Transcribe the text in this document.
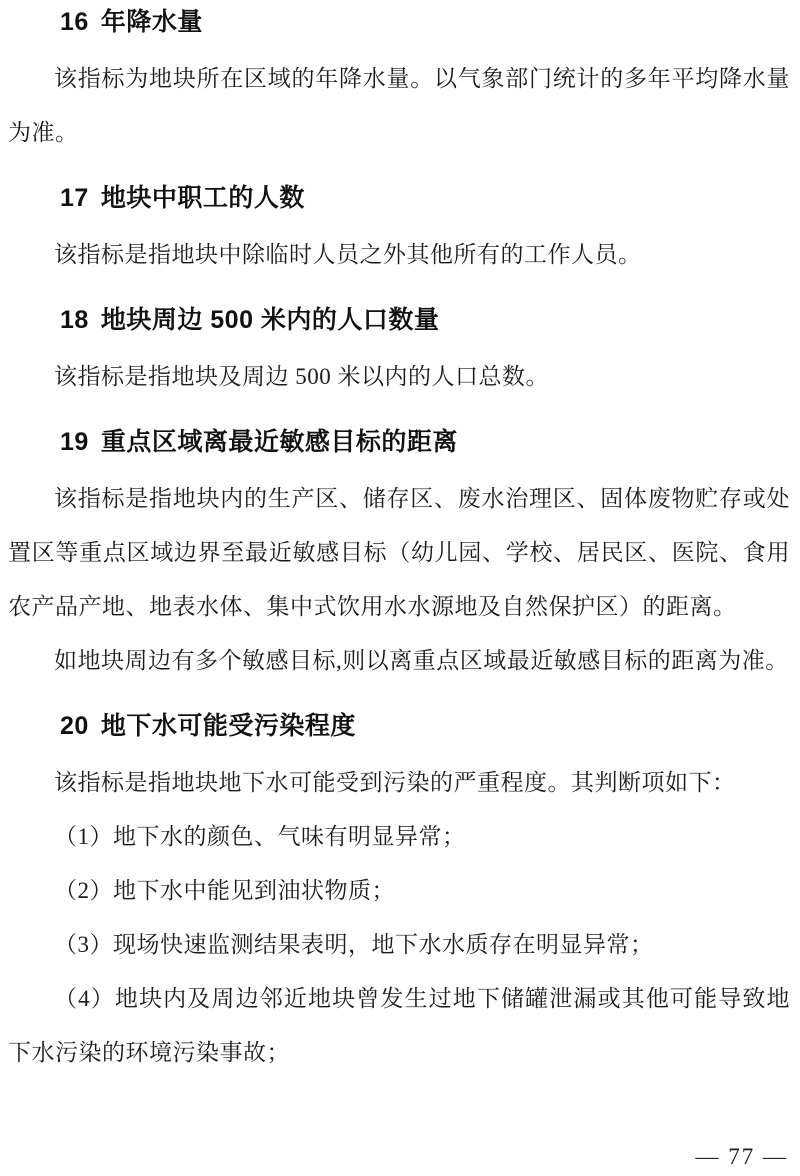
16 年降水量

该指标为地块所在区域的年降水量。以气象部门统计的多年平均降水量为准。

17 地块中职工的人数

该指标是指地块中除临时人员之外其他所有的工作人员。

18 地块周边 500 米内的人口数量

该指标是指地块及周边 500 米以内的人口总数。

19 重点区域离最近敏感目标的距离

该指标是指地块内的生产区、储存区、废水治理区、固体废物贮存或处置区等重点区域边界至最近敏感目标（幼儿园、学校、居民区、医院、食用农产品产地、地表水体、集中式饮用水水源地及自然保护区）的距离。

如地块周边有多个敏感目标,则以离重点区域最近敏感目标的距离为准。

20 地下水可能受污染程度

该指标是指地块地下水可能受到污染的严重程度。其判断项如下：

（1）地下水的颜色、气味有明显异常；

（2）地下水中能见到油状物质；

（3）现场快速监测结果表明，地下水水质存在明显异常；

（4）地块内及周边邻近地块曾发生过地下储罐泄漏或其他可能导致地下水污染的环境污染事故；

— 77 —
